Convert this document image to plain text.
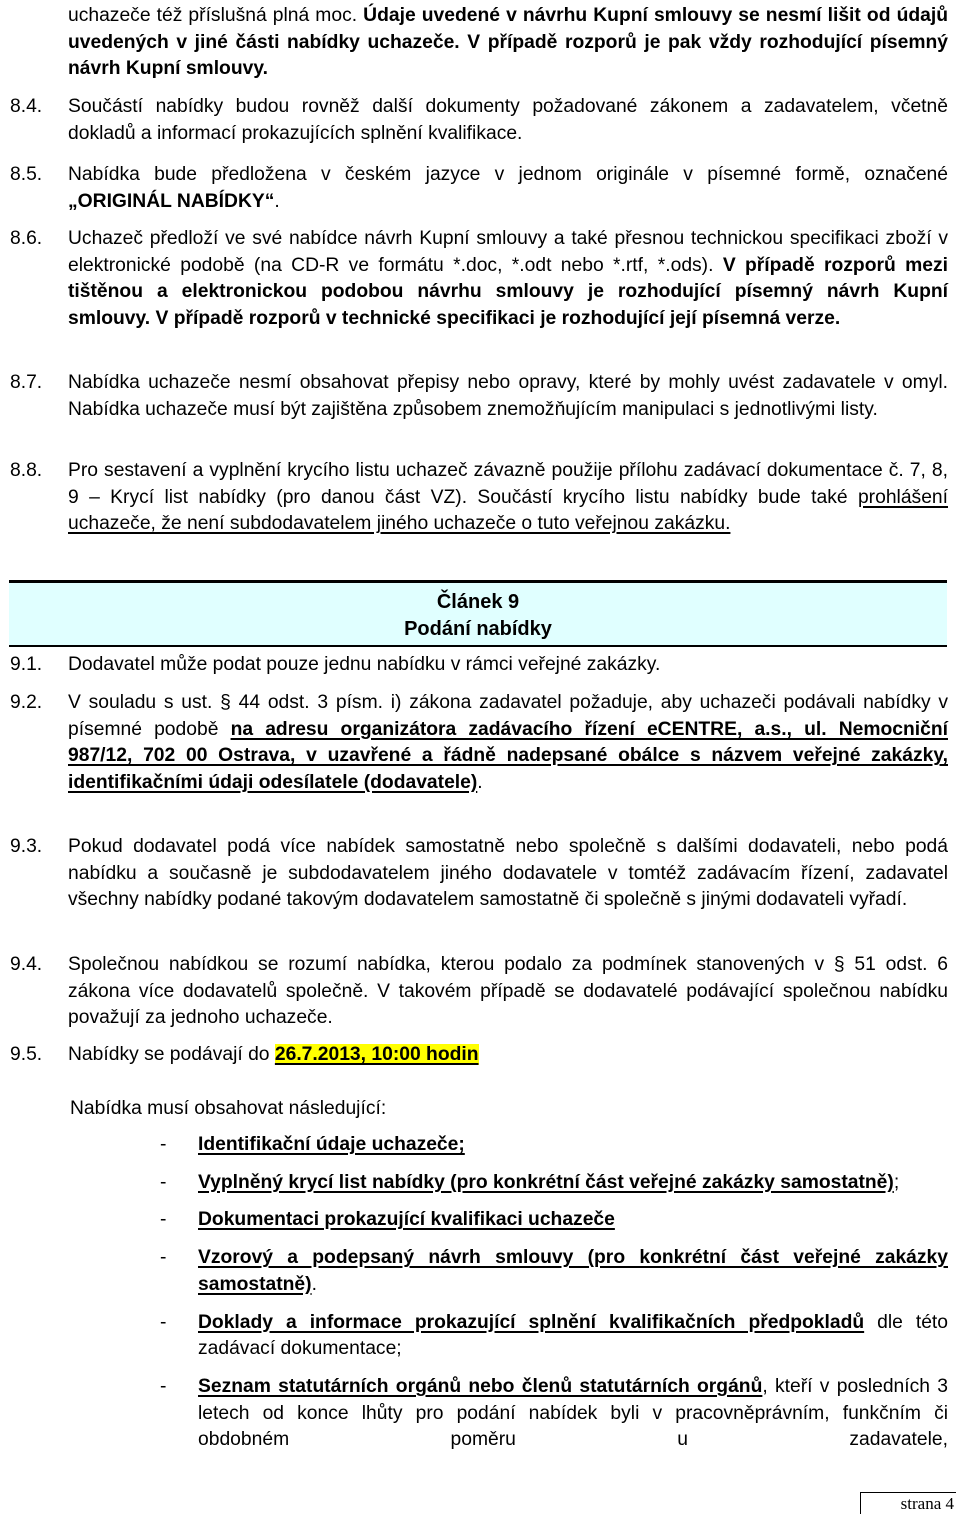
uchazeče též příslušná plná moc. Údaje uvedené v návrhu Kupní smlouvy se nesmí lišit od údajů uvedených v jiné části nabídky uchazeče. V případě rozporů je pak vždy rozhodující písemný návrh Kupní smlouvy.
8.4.	Součástí nabídky budou rovněž další dokumenty požadované zákonem a zadavatelem, včetně dokladů a informací prokazujících splnění kvalifikace.
8.5.	Nabídka bude předložena v českém jazyce v jednom originále v písemné formě, označené „ORIGINÁL NABÍDKY“.
8.6.	Uchazeč předloží ve své nabídce návrh Kupní smlouvy a také přesnou technickou specifikaci zboží v elektronické podobě (na CD-R ve formátu *.doc, *.odt nebo *.rtf, *.ods). V případě rozporů mezi tištěnou a elektronickou podobou návrhu smlouvy je rozhodující písemný návrh Kupní smlouvy. V případě rozporů v technické specifikaci je rozhodující její písemná verze.
8.7.	Nabídka uchazeče nesmí obsahovat přepisy nebo opravy, které by mohly uvést zadavatele v omyl. Nabídka uchazeče musí být zajištěna způsobem znemožňujícím manipulaci s jednotlivými listy.
8.8.	Pro sestavení a vyplnění krycího listu uchazeč závazně použije přílohu zadávací dokumentace č. 7, 8, 9 – Krycí list nabídky (pro danou část VZ). Součástí krycího listu nabídky bude také prohlášení uchazeče, že není subdodavatelem jiného uchazeče o tuto veřejnou zakázku.
Článek 9
Podání nabídky
9.1.	Dodavatel může podat pouze jednu nabídku v rámci veřejné zakázky.
9.2.	V souladu s ust. § 44 odst. 3 písm. i) zákona zadavatel požaduje, aby uchazeči podávali nabídky v písemné podobě na adresu organizátora zadávacího řízení eCENTRE, a.s., ul. Nemocniční 987/12, 702 00 Ostrava, v uzavřené a řádně nadepsané obálce s názvem veřejné zakázky, identifikačními údaji odesílatele (dodavatele).
9.3.	Pokud dodavatel podá více nabídek samostatně nebo společně s dalšími dodavateli, nebo podá nabídku a současně je subdodavatelem jiného dodavatele v tomtéž zadávacím řízení, zadavatel všechny nabídky podané takovým dodavatelem samostatně či společně s jinými dodavateli vyřadí.
9.4.	Společnou nabídkou se rozumí nabídka, kterou podalo za podmínek stanovených v § 51 odst. 6 zákona více dodavatelů společně. V takovém případě se dodavatelé podávající společnou nabídku považují za jednoho uchazeče.
9.5.	Nabídky se podávají do 26.7.2013, 10:00 hodin
Nabídka musí obsahovat následující:
-	Identifikační údaje uchazeče;
-	Vyplněný krycí list nabídky (pro konkrétní část veřejné zakázky samostatně);
-	Dokumentaci prokazující kvalifikaci uchazeče
-	Vzorový a podepsaný návrh smlouvy (pro konkrétní část veřejné zakázky samostatně).
-	Doklady a informace prokazující splnění kvalifikačních předpokladů dle této zadávací dokumentace;
-	Seznam statutárních orgánů nebo členů statutárních orgánů, kteří v posledních 3 letech od konce lhůty pro podání nabídek byli v pracovněprávním, funkčním či obdobném poměru u zadavatele,
strana 4
